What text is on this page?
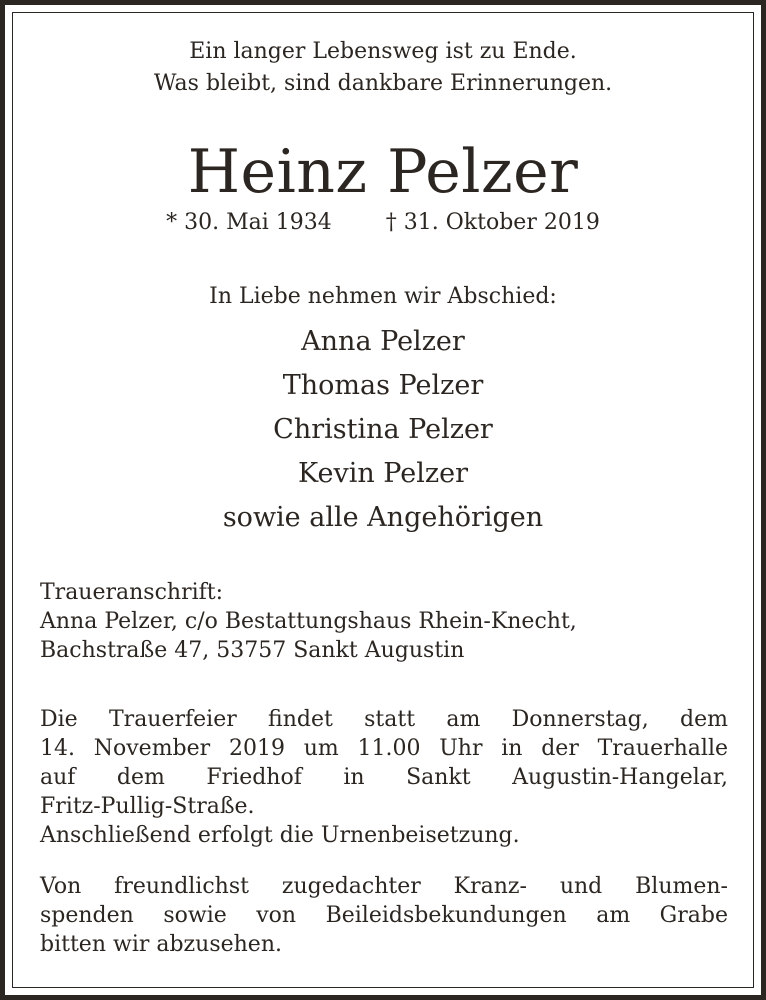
Ein langer Lebensweg ist zu Ende.
Was bleibt, sind dankbare Erinnerungen.
Heinz Pelzer
* 30. Mai 1934 † 31. Oktober 2019
In Liebe nehmen wir Abschied:
Anna Pelzer
Thomas Pelzer
Christina Pelzer
Kevin Pelzer
sowie alle Angehörigen
Traueranschrift:
Anna Pelzer, c/o Bestattungshaus Rhein-Knecht,
Bachstraße 47, 53757 Sankt Augustin
Die Trauerfeier findet statt am Donnerstag, dem
14. November 2019 um 11.00 Uhr in der Trauerhalle
auf dem Friedhof in Sankt Augustin-Hangelar,
Fritz-Pullig-Straße.
Anschließend erfolgt die Urnenbeisetzung.
Von freundlichst zugedachter Kranz- und Blumen-
spenden sowie von Beileidsbekundungen am Grabe
bitten wir abzusehen.
